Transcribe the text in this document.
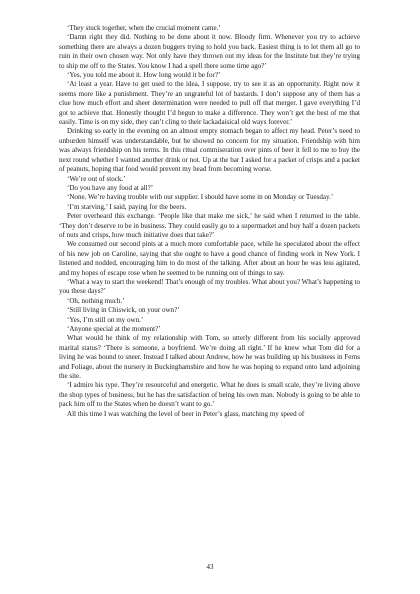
‘They stuck together, when the crucial moment came.’

‘Damn right they did. Nothing to be done about it now. Bloody firm. Whenever you try to achieve something there are always a dozen buggers trying to hold you back. Easiest thing is to let them all go to ruin in their own chosen way. Not only have they thrown out my ideas for the Institute but they’re trying to ship me off to the States. You know I had a spell there some time ago?’

‘Yes, you told me about it. How long would it be for?’

‘At least a year. Have to get used to the idea, I suppose, try to see it as an opportunity. Right now it seems more like a punishment. They’re an ungrateful lot of bastards. I don’t suppose any of them has a clue how much effort and sheer determination were needed to pull off that merger. I gave everything I’d got to achieve that. Honestly thought I’d begun to make a difference. They won’t get the best of me that easily. Time is on my side, they can’t cling to their lackadaisical old ways forever.’

Drinking so early in the evening on an almost empty stomach began to affect my head. Peter’s need to unburden himself was understandable, but he showed no concern for my situation. Friendship with him was always friendship on his terms. In this ritual commiseration over pints of beer it fell to me to buy the next round whether I wanted another drink or not. Up at the bar I asked for a packet of crisps and a packet of peanuts, hoping that food would prevent my head from becoming worse.

‘We’re out of stock.’

‘Do you have any food at all?’

‘None. We’re having trouble with our supplier. I should have some in on Monday or Tuesday.’

‘I’m starving,’ I said, paying for the beers.

Peter overheard this exchange. ‘People like that make me sick,’ he said when I returned to the table. ‘They don’t deserve to be in business. They could easily go to a supermarket and buy half a dozen packets of nuts and crisps, how much initiative does that take?’

We consumed our second pints at a much more comfortable pace, while he speculated about the effect of his new job on Caroline, saying that she ought to have a good chance of finding work in New York. I listened and nodded, encouraging him to do most of the talking. After about an hour he was less agitated, and my hopes of escape rose when he seemed to be running out of things to say.

‘What a way to start the weekend! That’s enough of my troubles. What about you? What’s happening to you these days?’

‘Oh, nothing much.’

‘Still living in Chiswick, on your own?’

‘Yes, I’m still on my own.’

‘Anyone special at the moment?’

What would he think of my relationship with Tom, so utterly different from his socially approved marital status? ‘There is someone, a boyfriend. We’re doing all right.’ If he knew what Tom did for a living he was bound to sneer. Instead I talked about Andrew, how he was building up his business in Ferns and Foliage, about the nursery in Buckinghamshire and how he was hoping to expand onto land adjoining the site.

‘I admire his type. They’re resourceful and energetic. What he does is small scale, they’re living above the shop types of business, but he has the satisfaction of being his own man. Nobody is going to be able to pack him off to the States when he doesn’t want to go.’

All this time I was watching the level of beer in Peter’s glass, matching my speed of

43
